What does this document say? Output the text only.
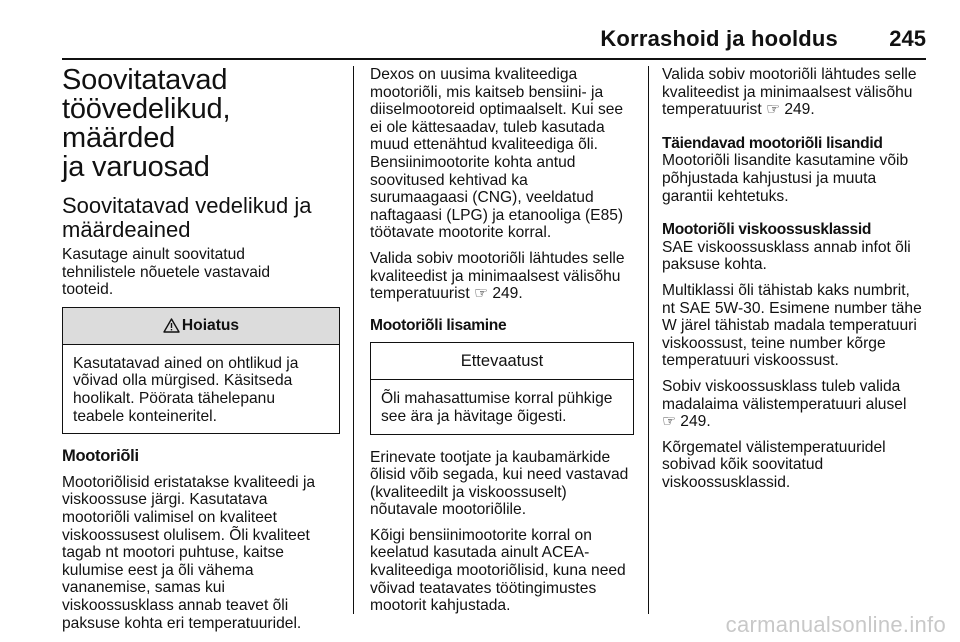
Korrashoid ja hooldus 245
Soovitatavad
töövedelikud, määrded
ja varuosad
Soovitatavad vedelikud ja
määrdeained

Kasutage ainult soovitatud
tehnilistele nõuetele vastavaid
tooteid.

Hoiatus
Kasutatavad ained on ohtlikud ja
võivad olla mürgised. Käsitseda
hoolikalt. Pöörata tähelepanu
teabele konteineritel.
Mootoriõli

Mootoriõlisid eristatakse kvaliteedi ja
viskoossuse järgi. Kasutatava
mootoriõli valimisel on kvaliteet
viskoossusest olulisem. Õli kvaliteet
tagab nt mootori puhtuse, kaitse
kulumise eest ja õli vähema
vananemise, samas kui
viskoossusklass annab teavet õli
paksuse kohta eri temperatuuridel.

Dexos on uusima kvaliteediga
mootoriõli, mis kaitseb bensiini- ja
diiselmootoreid optimaalselt. Kui see
ei ole kättesaadav, tuleb kasutada
muud ettenähtud kvaliteediga õli.
Bensiinimootorite kohta antud
soovitused kehtivad ka
surumaagaasi (CNG), veeldatud
naftagaasi (LPG) ja etanooliga (E85)
töötavate mootorite korral.

Valida sobiv mootoriõli lähtudes selle
kvaliteedist ja minimaalsest välisõhu
temperatuurist ☞ 249.

Mootoriõli lisamine
Ettevaatust
Õli mahasattumise korral pühkige
see ära ja hävitage õigesti.

Erinevate tootjate ja kaubamärkide
õlisid võib segada, kui need vastavad
(kvaliteedilt ja viskoossuselt)
nõutavale mootoriõlile.

Kõigi bensiinimootorite korral on
keelatud kasutada ainult ACEA-
kvaliteediga mootoriõlisid, kuna need
võivad teatavates töötingimustes
mootorit kahjustada.

Valida sobiv mootoriõli lähtudes selle
kvaliteedist ja minimaalsest välisõhu
temperatuurist ☞ 249.

Täiendavad mootoriõli lisandid

Mootoriõli lisandite kasutamine võib
põhjustada kahjustusi ja muuta
garantii kehtetuks.

Mootoriõli viskoossusklassid

SAE viskoossusklass annab infot õli
paksuse kohta.

Multiklassi õli tähistab kaks numbrit,
nt SAE 5W-30. Esimene number tähe
W järel tähistab madala temperatuuri
viskoossust, teine number kõrge
temperatuuri viskoossust.

Sobiv viskoossusklass tuleb valida
madalaima välistemperatuuri alusel
☞ 249.

Kõrgematel välistemperatuuridel
sobivad kõik soovitatud
viskoossusklassid.

carmanualsonline.info
